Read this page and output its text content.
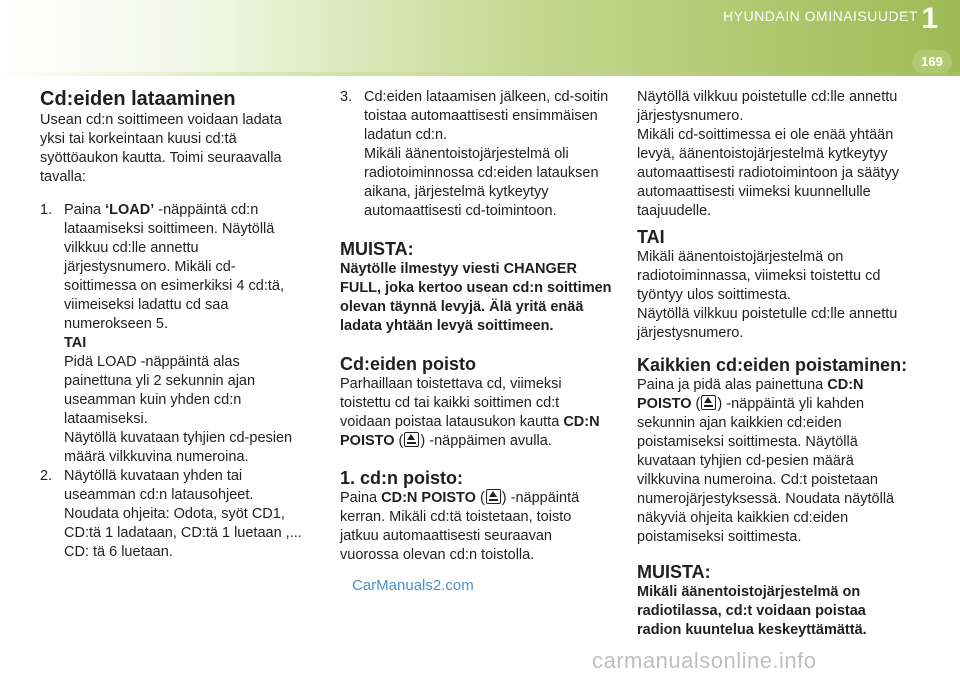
HYUNDAIN OMINAISUUDET 1
169
Cd:eiden lataaminen

Usean cd:n soittimeen voidaan ladata yksi tai korkeintaan kuusi cd:tä syöttöaukon kautta. Toimi seuraavalla tavalla:

1. Paina ‘LOAD’ -näppäintä cd:n lataamiseksi soittimeen. Näytöllä vilkkuu cd:lle annettu järjestysnumero. Mikäli cd-soittimessa on esimerkiksi 4 cd:tä, viimeiseksi ladattu cd saa numerokseen 5.

TAI

Pidä LOAD -näppäintä alas painettuna yli 2 sekunnin ajan useamman kuin yhden cd:n lataamiseksi.

Näytöllä kuvataan tyhjien cd-pesien määrä vilkkuvina numeroina.

2. Näytöllä kuvataan yhden tai useamman cd:n latausohjeet. Noudata ohjeita: Odota, syöt CD1, CD:tä 1 ladataan, CD:tä 1 luetaan ,... CD: tä 6 luetaan.

3. Cd:eiden lataamisen jälkeen, cd-soitin toistaa automaattisesti ensimmäisen ladatun cd:n.

Mikäli äänentoistojärjestelmä oli radiotoiminnossa cd:eiden latauksen aikana, järjestelmä kytkeytyy automaattisesti cd-toimintoon.

MUISTA:

Näytölle ilmestyy viesti CHANGER FULL, joka kertoo usean cd:n soittimen olevan täynnä levyjä. Älä yritä enää ladata yhtään levyä soittimeen.

Cd:eiden poisto

Parhaillaan toistettava cd, viimeksi toistettu cd tai kaikki soittimen cd:t voidaan poistaa latausukon kautta CD:N POISTO ( ) -näppäimen avulla.

1. cd:n poisto:

Paina CD:N POISTO ( ) -näppäintä kerran. Mikäli cd:tä toistetaan, toisto jatkuu automaattisesti seuraavan vuorossa olevan cd:n toistolla.

Näytöllä vilkkuu poistetulle cd:lle annettu järjestysnumero.

Mikäli cd-soittimessa ei ole enää yhtään levyä, äänentoistojärjestelmä kytkeytyy automaattisesti radiotoimintoon ja säätyy automaattisesti viimeksi kuunnellulle taajuudelle.

TAI

Mikäli äänentoistojärjestelmä on radiotoiminnassa, viimeksi toistettu cd työntyy ulos soittimesta.

Näytöllä vilkkuu poistetulle cd:lle annettu järjestysnumero.

Kaikkien cd:eiden poistaminen:

Paina ja pidä alas painettuna CD:N POISTO ( ) -näppäintä yli kahden sekunnin ajan kaikkien cd:eiden poistamiseksi soittimesta. Näytöllä kuvataan tyhjien cd-pesien määrä vilkkuvina numeroina. Cd:t poistetaan numerojärjestyksessä. Noudata näytöllä näkyviä ohjeita kaikkien cd:eiden poistamiseksi soittimesta.

MUISTA:

Mikäli äänentoistojärjestelmä on radiotilassa, cd:t voidaan poistaa radion kuuntelua keskeyttämättä.

CarManuals2.com
carmanualsonline.info
